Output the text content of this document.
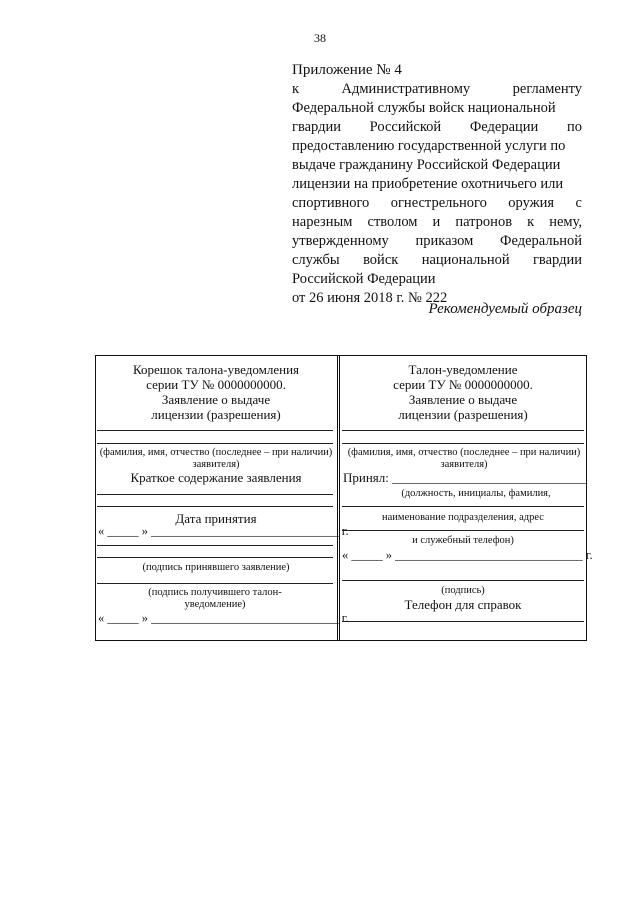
38
Приложение № 4
к	Административному	регламенту
Федеральной службы войск национальной
гвардии Российской Федерации по
предоставлению государственной услуги по
выдаче гражданину Российской Федерации
лицензии на приобретение охотничьего или
спортивного огнестрельного оружия с
нарезным стволом и патронов к нему,
утвержденному приказом Федеральной
службы войск национальной гвардии
Российской Федерации
от 26 июня 2018 г. № 222
Рекомендуемый образец
Корешок талона-уведомления
серии ТУ № 0000000000.
Заявление о выдаче
лицензии (разрешения)
(фамилия, имя, отчество (последнее – при наличии) заявителя)
Краткое содержание заявления
Дата принятия
« _____ » ______________________________ г.
(подпись принявшего заявление)
(подпись получившего талон-уведомление)
« _____ » ______________________________ г.
Талон-уведомление
серии ТУ № 0000000000.
Заявление о выдаче
лицензии (разрешения)
(фамилия, имя, отчество (последнее – при наличии) заявителя)
Принял: ______________________________
(должность, инициалы, фамилия,
наименование подразделения, адрес
и служебный телефон)
« _____ » ______________________________ г.
(подпись)
Телефон для справок
